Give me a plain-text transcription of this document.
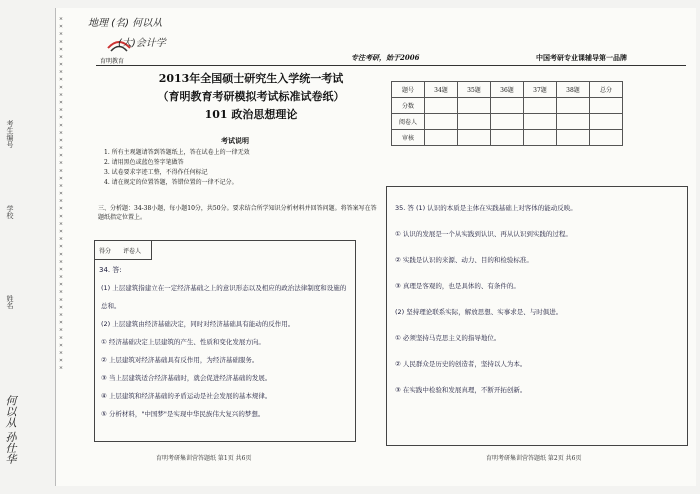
考生编号
学校
姓名
何以从 孙仕华
× × × × × × × × × × × × × × × × × × × × × × × × × × × × × × × × × × × × × × × × × × × × × × ×	育明教育
地理 (名) 何以从
(大)会计学
专注考研，始于2006	中国考研专业课辅导第一品牌
2013年全国硕士研究生入学统一考试
（育明教育考研模拟考试标准试卷纸）
101 政治思想理论
题号	34题	35题	36题	37题	38题	总分
分数						
阅卷人						
审核						
考试说明
1. 所有主观题请答到答题纸上，答在试卷上的一律无效
2. 请用黑色或蓝色签字笔做答
3. 试卷要求字迹工整，不得作任何标记
4. 请在规定的位置答题，答错位置的一律不记分。
三、分析题：34-38小题，每小题10分，共50分。要求结合所学知识分析材料并回答问题。将答案写在答题纸指定位置上。
得分 评卷人
34. 答:
(1) 上层建筑指建立在一定经济基础之上的意识形态以及相应的政治法律制度和设施的总和。
(2) 上层建筑由经济基础决定，同时对经济基础具有能动的反作用。
① 经济基础决定上层建筑的产生、性质和变化发展方向。
② 上层建筑对经济基础具有反作用，为经济基础服务。
③ 当上层建筑适合经济基础时，就会促进经济基础的发展。
④ 上层建筑和经济基础的矛盾运动是社会发展的基本规律。
⑤ 分析材料，"中国梦"是实现中华民族伟大复兴的梦想。
35. 答 (1) 认识的本质是主体在实践基础上对客体的能动反映。
① 认识的发展是一个从实践到认识、再从认识到实践的过程。
② 实践是认识的来源、动力、目的和检验标准。
③ 真理是客观的，也是具体的、有条件的。
(2) 坚持理论联系实际，解放思想、实事求是、与时俱进。
① 必须坚持马克思主义的指导地位。
② 人民群众是历史的创造者，坚持以人为本。
③ 在实践中检验和发展真理，不断开拓创新。
育明考研集训营答题纸 第1页 共6页	育明考研集训营答题纸 第2页 共6页
